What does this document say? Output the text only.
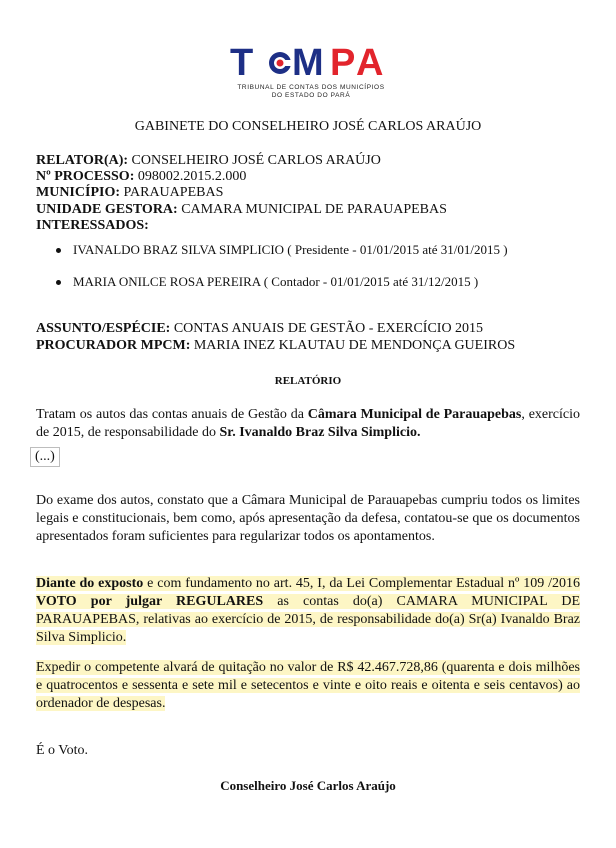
T M P A
C
TRIBUNAL DE CONTAS DOS MUNICÍPIOS
DO ESTADO DO PARÁ
GABINETE DO CONSELHEIRO JOSÉ CARLOS ARAÚJO
RELATOR(A): CONSELHEIRO JOSÉ CARLOS ARAÚJO
Nº PROCESSO: 098002.2015.2.000
MUNICÍPIO: PARAUAPEBAS
UNIDADE GESTORA: CAMARA MUNICIPAL DE PARAUAPEBAS
INTERESSADOS:
IVANALDO BRAZ SILVA SIMPLICIO ( Presidente - 01/01/2015 até 31/01/2015 )
MARIA ONILCE ROSA PEREIRA ( Contador - 01/01/2015 até 31/12/2015 )
ASSUNTO/ESPÉCIE: CONTAS ANUAIS DE GESTÃO - EXERCÍCIO 2015
PROCURADOR MPCM: MARIA INEZ KLAUTAU DE MENDONÇA GUEIROS
RELATÓRIO
Tratam os autos das contas anuais de Gestão da Câmara Municipal de Parauapebas, exercício de 2015, de responsabilidade do Sr. Ivanaldo Braz Silva Simplicio.
(...)
Do exame dos autos, constato que a Câmara Municipal de Parauapebas cumpriu todos os limites legais e constitucionais, bem como, após apresentação da defesa, contatou-se que os documentos apresentados foram suficientes para regularizar todos os apontamentos.
Diante do exposto e com fundamento no art. 45, I, da Lei Complementar Estadual nº 109 /2016 VOTO por julgar REGULARES as contas do(a) CAMARA MUNICIPAL DE PARAUAPEBAS, relativas ao exercício de 2015, de responsabilidade do(a) Sr(a) Ivanaldo Braz Silva Simplicio.
Expedir o competente alvará de quitação no valor de R$ 42.467.728,86 (quarenta e dois milhões e quatrocentos e sessenta e sete mil e setecentos e vinte e oito reais e oitenta e seis centavos) ao ordenador de despesas.
É o Voto.
Conselheiro José Carlos Araújo
